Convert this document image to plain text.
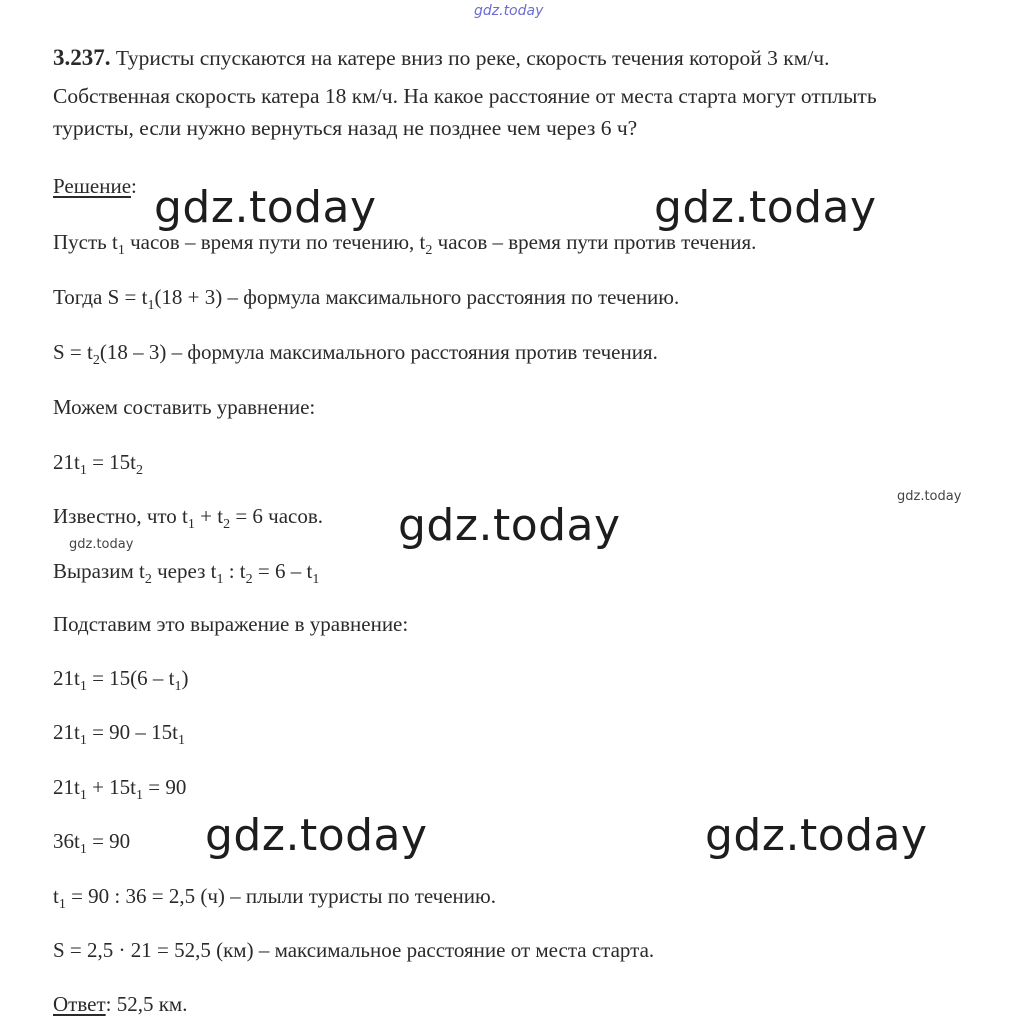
gdz.today
gdz.today	gdz.today
gdz.today
gdz.today	gdz.today
gdz.today
gdz.today
3.237. Туристы спускаются на катере вниз по реке, скорость течения которой 3 км/ч.
Собственная скорость катера 18 км/ч. На какое расстояние от места старта могут отплыть
туристы, если нужно вернуться назад не позднее чем через 6 ч?
Решение:
Пусть $t_1$ часов – время пути по течению, $t_2$ часов – время пути против течения.
Тогда $S = t_1(18 + 3)$ – формула максимального расстояния по течению.
$S = t_2(18 - 3)$ – формула максимального расстояния против течения.
Можем составить уравнение:
$21t_1 = 15t_2$
Известно, что $t_1 + t_2 = 6$ часов.
Выразим $t_2$ через $t_1$ : $t_2 = 6 - t_1$
Подставим это выражение в уравнение:
$21t_1 = 15(6 - t_1)$
$21t_1 = 90 - 15t_1$
$21t_1 + 15t_1 = 90$
$36t_1 = 90$
$t_1 = 90$ : 36 = 2,5 (ч) – плыли туристы по течению.
S = 2,5 · 21 = 52,5 (км) – максимальное расстояние от места старта.
Ответ: 52,5 км.
